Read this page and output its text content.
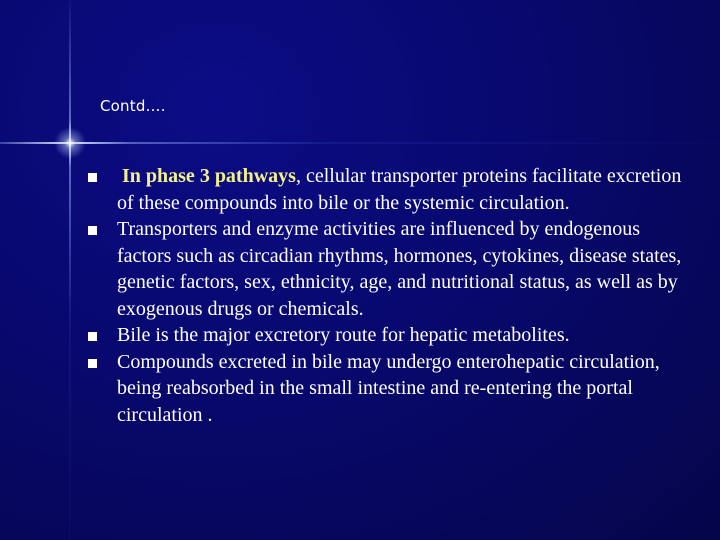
Contd….
In phase 3 pathways, cellular transporter proteins facilitate excretion of these compounds into bile or the systemic circulation.
Transporters and enzyme activities are influenced by endogenous factors such as circadian rhythms, hormones, cytokines, disease states, genetic factors, sex, ethnicity, age, and nutritional status, as well as by exogenous drugs or chemicals.
Bile is the major excretory route for hepatic metabolites.
Compounds excreted in bile may undergo enterohepatic circulation, being reabsorbed in the small intestine and re-entering the portal circulation .
